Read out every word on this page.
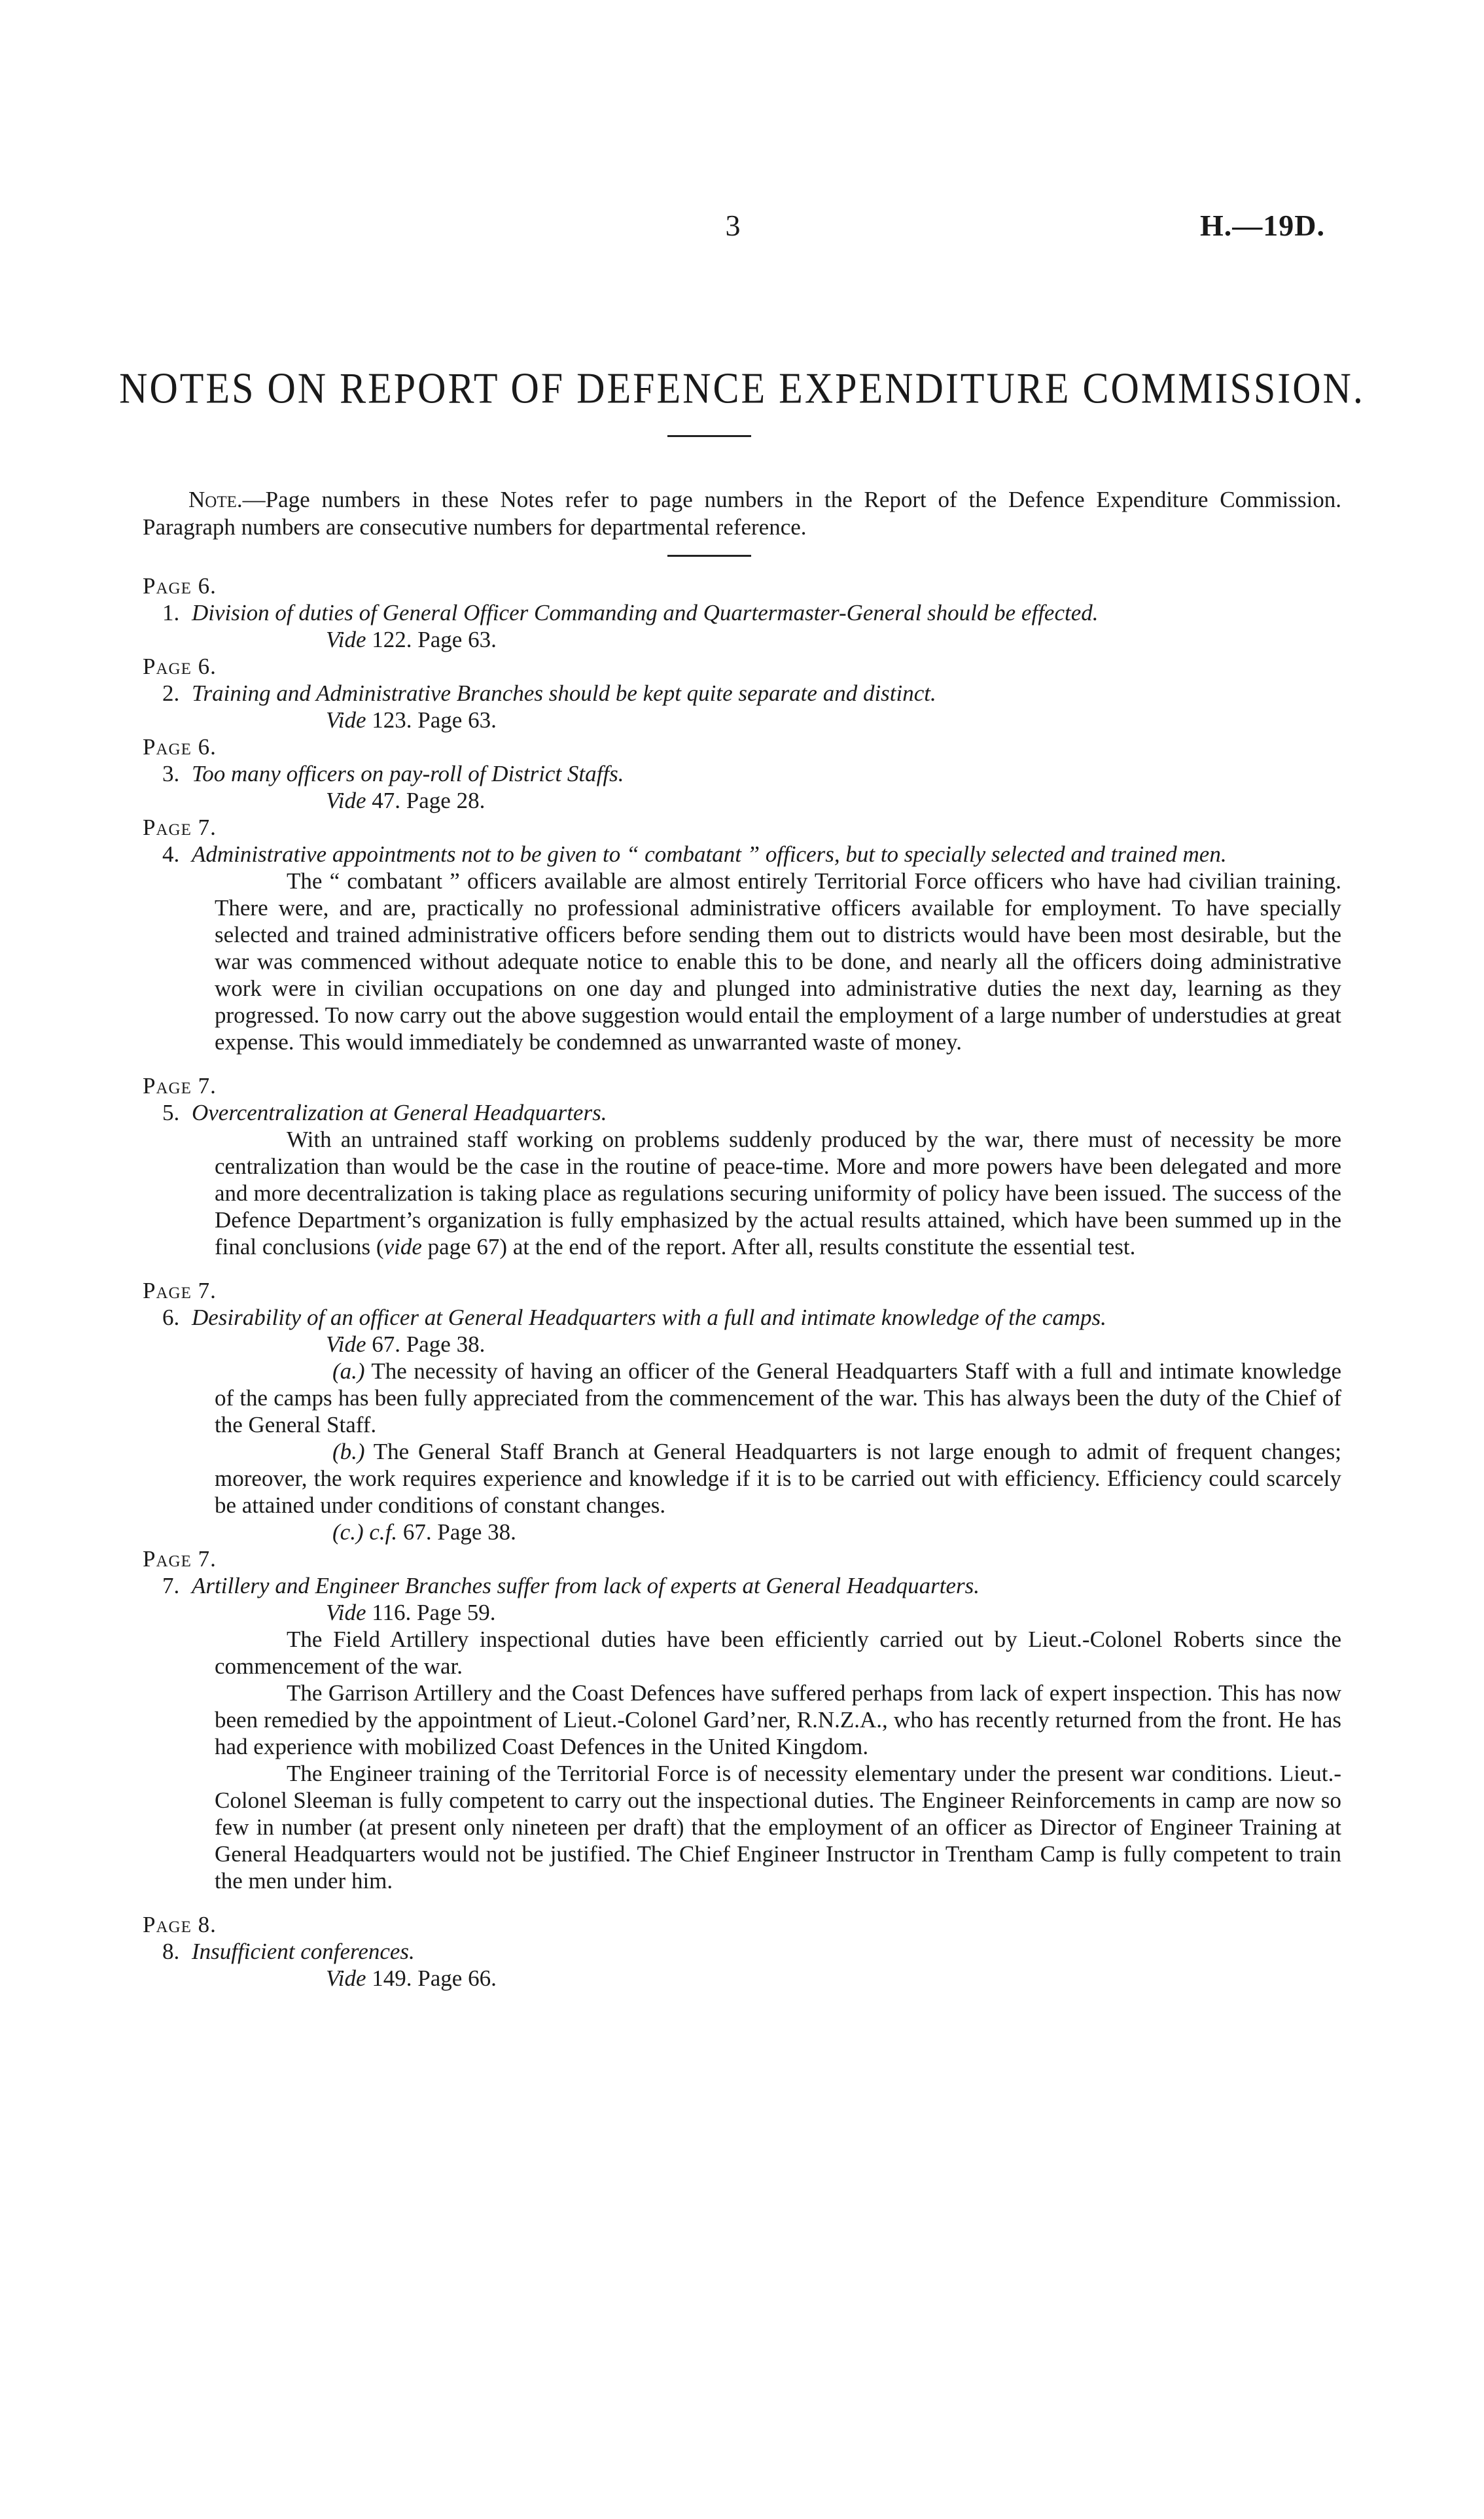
3	H.—19D.
NOTES ON REPORT OF DEFENCE EXPENDITURE COMMISSION.

Note.—Page numbers in these Notes refer to page numbers in the Report of the Defence Expenditure Commission. Paragraph numbers are consecutive numbers for departmental reference.

Page 6.

1. Division of duties of General Officer Commanding and Quartermaster-General should be effected.

Vide 122. Page 63.

Page 6.

2. Training and Administrative Branches should be kept quite separate and distinct.

Vide 123. Page 63.

Page 6.

3. Too many officers on pay-roll of District Staffs.

Vide 47. Page 28.

Page 7.

4. Administrative appointments not to be given to “ combatant ” officers, but to specially selected and trained men.

The “ combatant ” officers available are almost entirely Territorial Force officers who have had civilian training. There were, and are, practically no professional administrative officers available for employment. To have specially selected and trained administrative officers before sending them out to districts would have been most desirable, but the war was commenced without adequate notice to enable this to be done, and nearly all the officers doing administrative work were in civilian occupations on one day and plunged into administrative duties the next day, learning as they progressed. To now carry out the above suggestion would entail the employment of a large number of understudies at great expense. This would immediately be condemned as unwarranted waste of money.

Page 7.

5. Overcentralization at General Headquarters.

With an untrained staff working on problems suddenly produced by the war, there must of necessity be more centralization than would be the case in the routine of peace-time. More and more powers have been delegated and more and more decentralization is taking place as regulations securing uniformity of policy have been issued. The success of the Defence Department’s organization is fully emphasized by the actual results attained, which have been summed up in the final conclusions (vide page 67) at the end of the report. After all, results constitute the essential test.

Page 7.

6. Desirability of an officer at General Headquarters with a full and intimate knowledge of the camps.

Vide 67. Page 38.

(a.) The necessity of having an officer of the General Headquarters Staff with a full and intimate knowledge of the camps has been fully appreciated from the commencement of the war. This has always been the duty of the Chief of the General Staff.

(b.) The General Staff Branch at General Headquarters is not large enough to admit of frequent changes; moreover, the work requires experience and knowledge if it is to be carried out with efficiency. Efficiency could scarcely be attained under conditions of constant changes.

(c.) c.f. 67. Page 38.

Page 7.

7. Artillery and Engineer Branches suffer from lack of experts at General Headquarters.

Vide 116. Page 59.

The Field Artillery inspectional duties have been efficiently carried out by Lieut.-Colonel Roberts since the commencement of the war.

The Garrison Artillery and the Coast Defences have suffered perhaps from lack of expert inspection. This has now been remedied by the appointment of Lieut.-Colonel Gard’ner, R.N.Z.A., who has recently returned from the front. He has had experience with mobilized Coast Defences in the United Kingdom.

The Engineer training of the Territorial Force is of necessity elementary under the present war conditions. Lieut.-Colonel Sleeman is fully competent to carry out the inspectional duties. The Engineer Reinforcements in camp are now so few in number (at present only nineteen per draft) that the employment of an officer as Director of Engineer Training at General Headquarters would not be justified. The Chief Engineer Instructor in Trentham Camp is fully competent to train the men under him.

Page 8.

8. Insufficient conferences.

Vide 149. Page 66.
